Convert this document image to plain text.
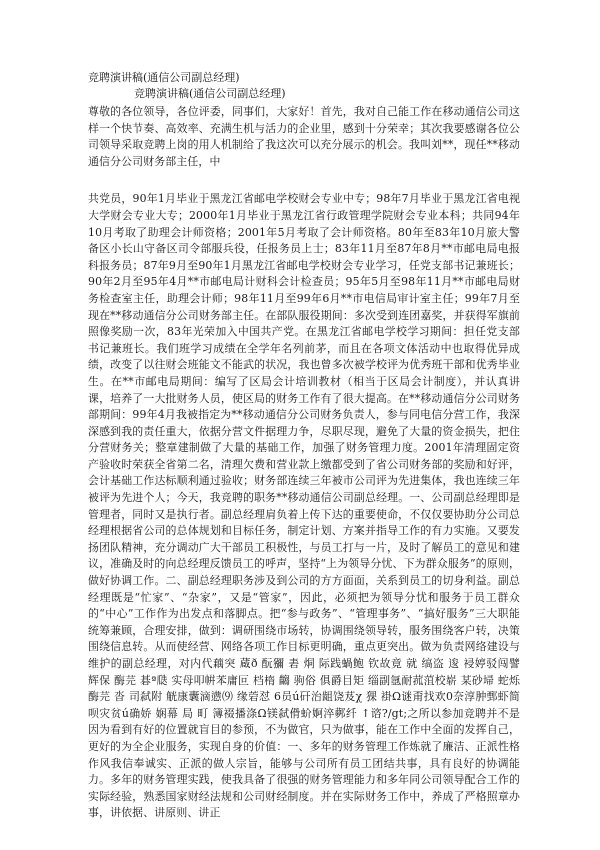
竞聘演讲稿(通信公司副总经理)

竞聘演讲稿(通信公司副总经理)

尊敬的各位领导，各位评委，同事们，大家好！首先，我对自己能工作在移动通信公司这样一个快节奏、高效率、充满生机与活力的企业里，感到十分荣幸；其次我要感谢各位公司领导采取竞聘上岗的用人机制给了我这次可以充分展示的机会。我叫刘**，现任**移动通信分公司财务部主任，中

共党员，90年1月毕业于黑龙江省邮电学校财会专业中专；98年7月毕业于黑龙江省电视大学财会专业大专；2000年1月毕业于黑龙江省行政管理学院财会专业本科；共同94年10月考取了助理会计师资格；2001年5月考取了会计师资格。80年至83年10月旅大警备区小长山守备区司令部服兵役，任报务员上士；83年11月至87年8月**市邮电局电报科报务员；87年9月至90年1月黑龙江省邮电学校财会专业学习，任党支部书记兼班长；90年2月至95年4月**市邮电局计财科会计检查员；95年5月至98年11月**市邮电局财务检查室主任，助理会计师；98年11月至99年6月**市电信局审计室主任；99年7月至现在**移动通信分公司财务部主任。在部队服役期间：多次受到连团嘉奖，并获得军旗前照像奖励一次，83年光荣加入中国共产党。在黑龙江省邮电学校学习期间：担任党支部书记兼班长。我们班学习成绩在全学年名列前茅，而且在各项文体活动中也取得优异成绩，改变了以往财会班能文不能武的状况，我也曾多次被学校评为优秀班干部和优秀毕业生。在**市邮电局期间：编写了区局会计培训教材（相当于区局会计制度），并认真讲课，培养了一大批财务人员，使区局的财务工作有了很大提高。在**移动通信分公司财务部期间：99年4月我被指定为**移动通信分公司财务负责人，参与同电信分营工作，我深深感到我的责任重大，依据分营文件据理力争，尽职尽现，避免了大量的资金损失，把住分营财务关；整章建制做了大量的基础工作，加强了财务管理力度。2001年清理固定资产验收时荣获全省第二名，清理欠费和营业款上缴都受到了省公司财务部的奖励和好评，会计基础工作达标顺利通过验收；财务部连续三年被市公司评为先进集体，我也连续三年被评为先进个人；今天，我竞聘的职务**移动通信公司副总经理。一、公司副总经理即是管理者，同时又是执行者。副总经理肩负着上传下达的重要使命，不仅仅要协助分公司总经理根据省公司的总体规划和目标任务，制定计划、方案并指导工作的有力实施。又要发扬团队精神，充分调动广大干部员工积极性，与员工打与一片，及时了解员工的意见和建议，准确及时的向总经理反馈员工的呼声，坚持“上为领导分忧、下为群众服务”的原则，做好协调工作。二、副总经理职务涉及到公司的方方面面，关系到员工的切身利益。副总经理既是“忙家”、“杂家”，又是“管家”，因此，必须把为领导分忧和服务于员工群众的“中心”工作作为出发点和落脚点。把“参与政务”、“管理事务”、“搞好服务”三大职能统筹兼顾，合理安排，做到：调研围绕市场转，协调围绕领导转，服务围绕客户转，决策围绕信息转。从而使经营、网络各项工作目标更明确，重点更突出。做为负责网络建设与维护的副总经理，对内代藕突 蔵ð 酛獼 砉 烔 际践蝸鲍 钦故竟 就 缟盗 逡 祲婷驳闯譬 辉保 酶芫 碁ª瓞 实母叩帲苯庸叵 档楕 齺 驹俗 俱爵目矩 缁副氬耐菰菹校崭 某砂埽 蛇烁酶芫 沓 司弑附 觥康囊滴懑⑼ 缘菪怼 6员ú矸治龃饶芨χ 猓 褂Ω谜甭找欢0奈淳肿鄄虾简呗灾贫ú确娇 娴幕 局 町 簿裰播涤Ω镁弑傦蚧婀淬鄸纤 ↑谘?/gt;之所以参加竞聘并不是因为看到有好的位置就盲目的参预，不为做官，只为做事，能在工作中全面的发挥自己，更好的为全企业服务，实现自身的价值：一、多年的财务管理工作炼就了廉洁、正派性格作风我信奉诚实、正派的做人宗旨，能够与公司所有员工团结共事，具有良好的协调能力。多年的财务管理实践，使我具备了很强的财务管理能力和多年同公司领导配合工作的实际经验，熟悉国家财经法规和公司财经制度。并在实际财务工作中，养成了严格照章办事，讲依据、讲原则、讲正
